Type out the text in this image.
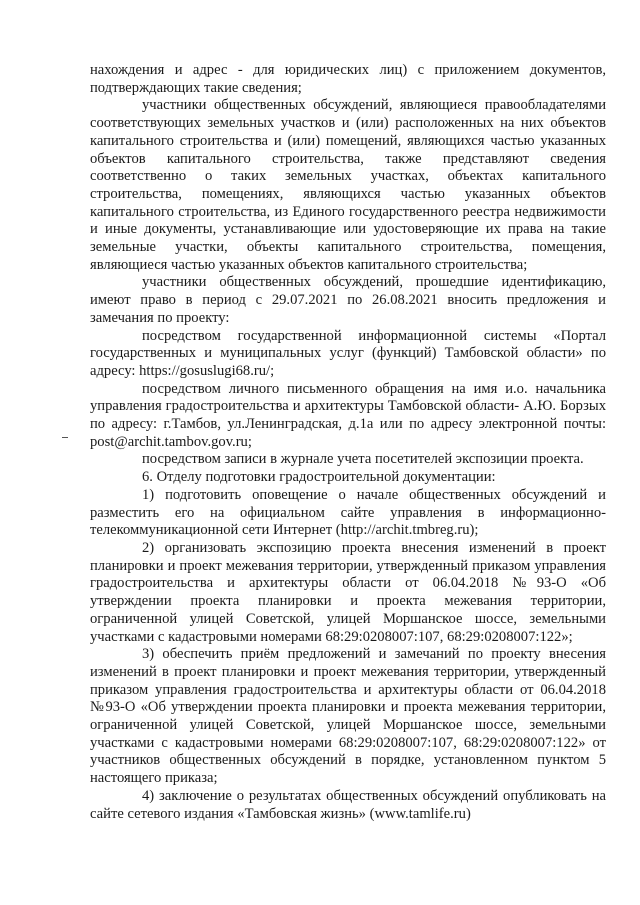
нахождения и адрес - для юридических лиц) с приложением документов, подтверждающих такие сведения;

участники общественных обсуждений, являющиеся правообладателями соответствующих земельных участков и (или) расположенных на них объектов капитального строительства и (или) помещений, являющихся частью указанных объектов капитального строительства, также представляют сведения соответственно о таких земельных участках, объектах капитального строительства, помещениях, являющихся частью указанных объектов капитального строительства, из Единого государственного реестра недвижимости и иные документы, устанавливающие или удостоверяющие их права на такие земельные участки, объекты капитального строительства, помещения, являющиеся частью указанных объектов капитального строительства;

участники общественных обсуждений, прошедшие идентификацию, имеют право в период с 29.07.2021 по 26.08.2021 вносить предложения и замечания по проекту:

посредством государственной информационной системы «Портал государственных и муниципальных услуг (функций) Тамбовской области» по адресу: https://gosuslugi68.ru/;

посредством личного письменного обращения на имя и.о. начальника управления градостроительства и архитектуры Тамбовской области- А.Ю. Борзых по адресу: г.Тамбов, ул.Ленинградская, д.1а или по адресу электронной почты: post@archit.tambov.gov.ru;

посредством записи в журнале учета посетителей экспозиции проекта.

6. Отделу подготовки градостроительной документации:

1) подготовить оповещение о начале общественных обсуждений и разместить его на официальном сайте управления в информационно-телекоммуникационной сети Интернет (http://archit.tmbreg.ru);

2) организовать экспозицию проекта внесения изменений в проект планировки и проект межевания территории, утвержденный приказом управления градостроительства и архитектуры области от 06.04.2018 №93-О «Об утверждении проекта планировки и проекта межевания территории, ограниченной улицей Советской, улицей Моршанское шоссе, земельными участками с кадастровыми номерами 68:29:0208007:107, 68:29:0208007:122»;

3) обеспечить приём предложений и замечаний по проекту внесения изменений в проект планировки и проект межевания территории, утвержденный приказом управления градостроительства и архитектуры области от 06.04.2018 №93-О «Об утверждении проекта планировки и проекта межевания территории, ограниченной улицей Советской, улицей Моршанское шоссе, земельными участками с кадастровыми номерами 68:29:0208007:107, 68:29:0208007:122» от участников общественных обсуждений в порядке, установленном пунктом 5 настоящего приказа;

4) заключение о результатах общественных обсуждений опубликовать на сайте сетевого издания «Тамбовская жизнь» (www.tamlife.ru)
